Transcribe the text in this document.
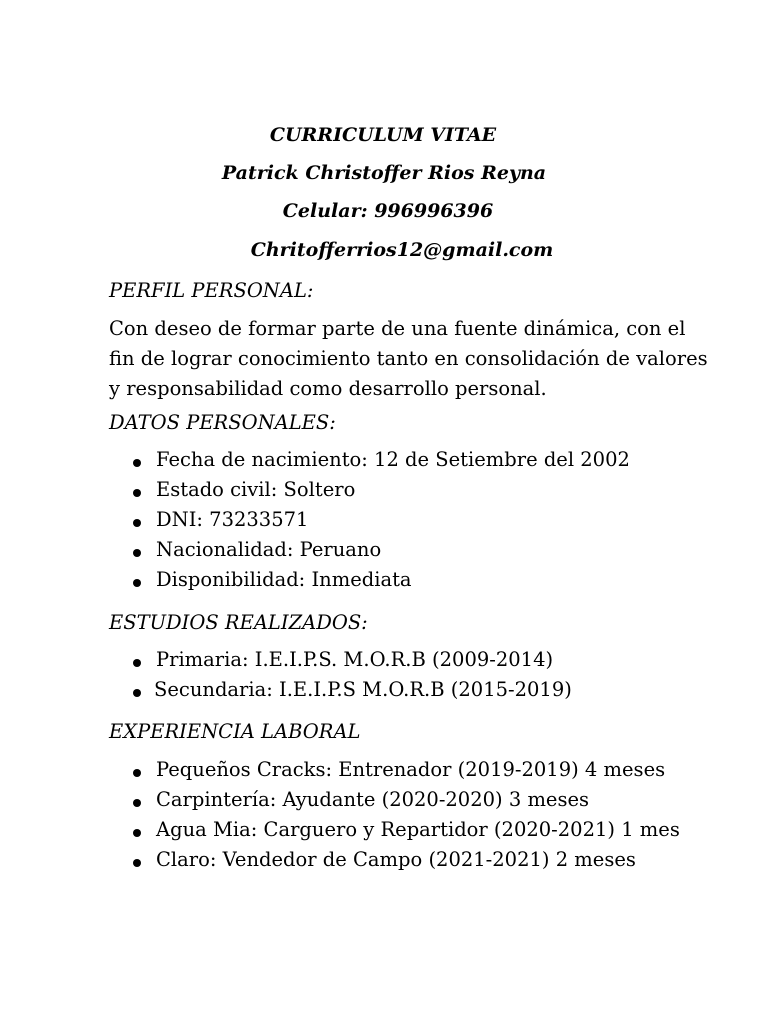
CURRICULUM VITAE
Patrick Christoffer Rios Reyna
Celular: 996996396
Chritofferrios12@gmail.com
PERFIL PERSONAL:
Con deseo de formar parte de una fuente dinámica, con el
fin de lograr conocimiento tanto en consolidación de valores
y responsabilidad como desarrollo personal.
DATOS PERSONALES:
Fecha de nacimiento: 12 de Setiembre del 2002
Estado civil: Soltero
DNI: 73233571
Nacionalidad: Peruano
Disponibilidad: Inmediata
ESTUDIOS REALIZADOS:
Primaria: I.E.I.P.S. M.O.R.B (2009-2014)
Secundaria: I.E.I.P.S M.O.R.B (2015-2019)
EXPERIENCIA LABORAL
Pequeños Cracks: Entrenador (2019-2019) 4 meses
Carpintería: Ayudante (2020-2020) 3 meses
Agua Mia: Carguero y Repartidor (2020-2021) 1 mes
Claro: Vendedor de Campo (2021-2021) 2 meses
